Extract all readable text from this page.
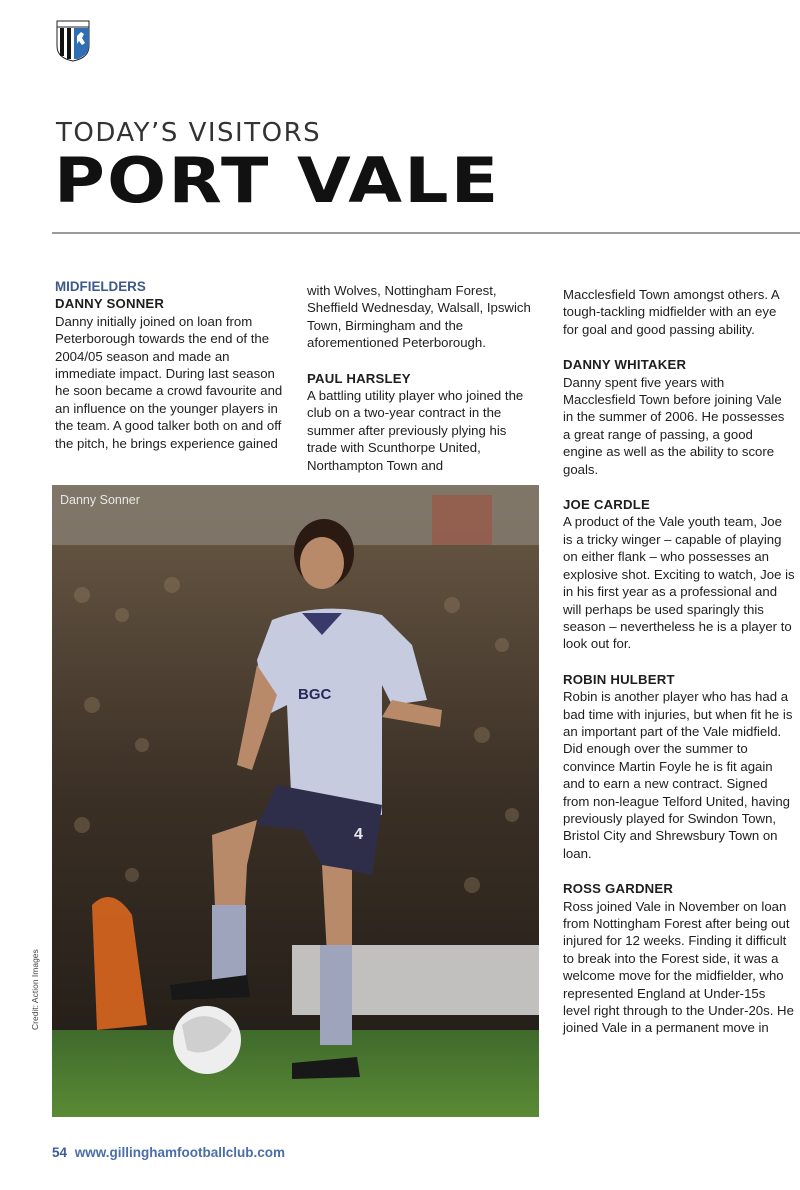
TODAY’S VISITORS
PORT VALE

MIDFIELDERS

DANNY SONNER

Danny initially joined on loan from Peterborough towards the end of the 2004/05 season and made an immediate impact. During last season he soon became a crowd favourite and an influence on the younger players in the team. A good talker both on and off the pitch, he brings experience gained

with Wolves, Nottingham Forest, Sheffield Wednesday, Walsall, Ipswich Town, Birmingham and the aforementioned Peterborough.

PAUL HARSLEY

A battling utility player who joined the club on a two-year contract in the summer after previously plying his trade with Scunthorpe United, Northampton Town and

Macclesfield Town amongst others. A tough-tackling midfielder with an eye for goal and good passing ability.

DANNY WHITAKER

Danny spent five years with Macclesfield Town before joining Vale in the summer of 2006. He possesses a great range of passing, a good engine as well as the ability to score goals.

JOE CARDLE

A product of the Vale youth team, Joe is a tricky winger – capable of playing on either flank – who possesses an explosive shot. Exciting to watch, Joe is in his first year as a professional and will perhaps be used sparingly this season – nevertheless he is a player to look out for.

ROBIN HULBERT

Robin is another player who has had a bad time with injuries, but when fit he is an important part of the Vale midfield. Did enough over the summer to convince Martin Foyle he is fit again and to earn a new contract. Signed from non-league Telford United, having previously played for Swindon Town, Bristol City and Shrewsbury Town on loan.

ROSS GARDNER

Ross joined Vale in November on loan from Nottingham Forest after being out injured for 12 weeks. Finding it difficult to break into the Forest side, it was a welcome move for the midfielder, who represented England at Under-15s level right through to the Under-20s. He joined Vale in a permanent move in

BGC
4
Danny Sonner
Credit: Action Images
54 www.gillinghamfootballclub.com
